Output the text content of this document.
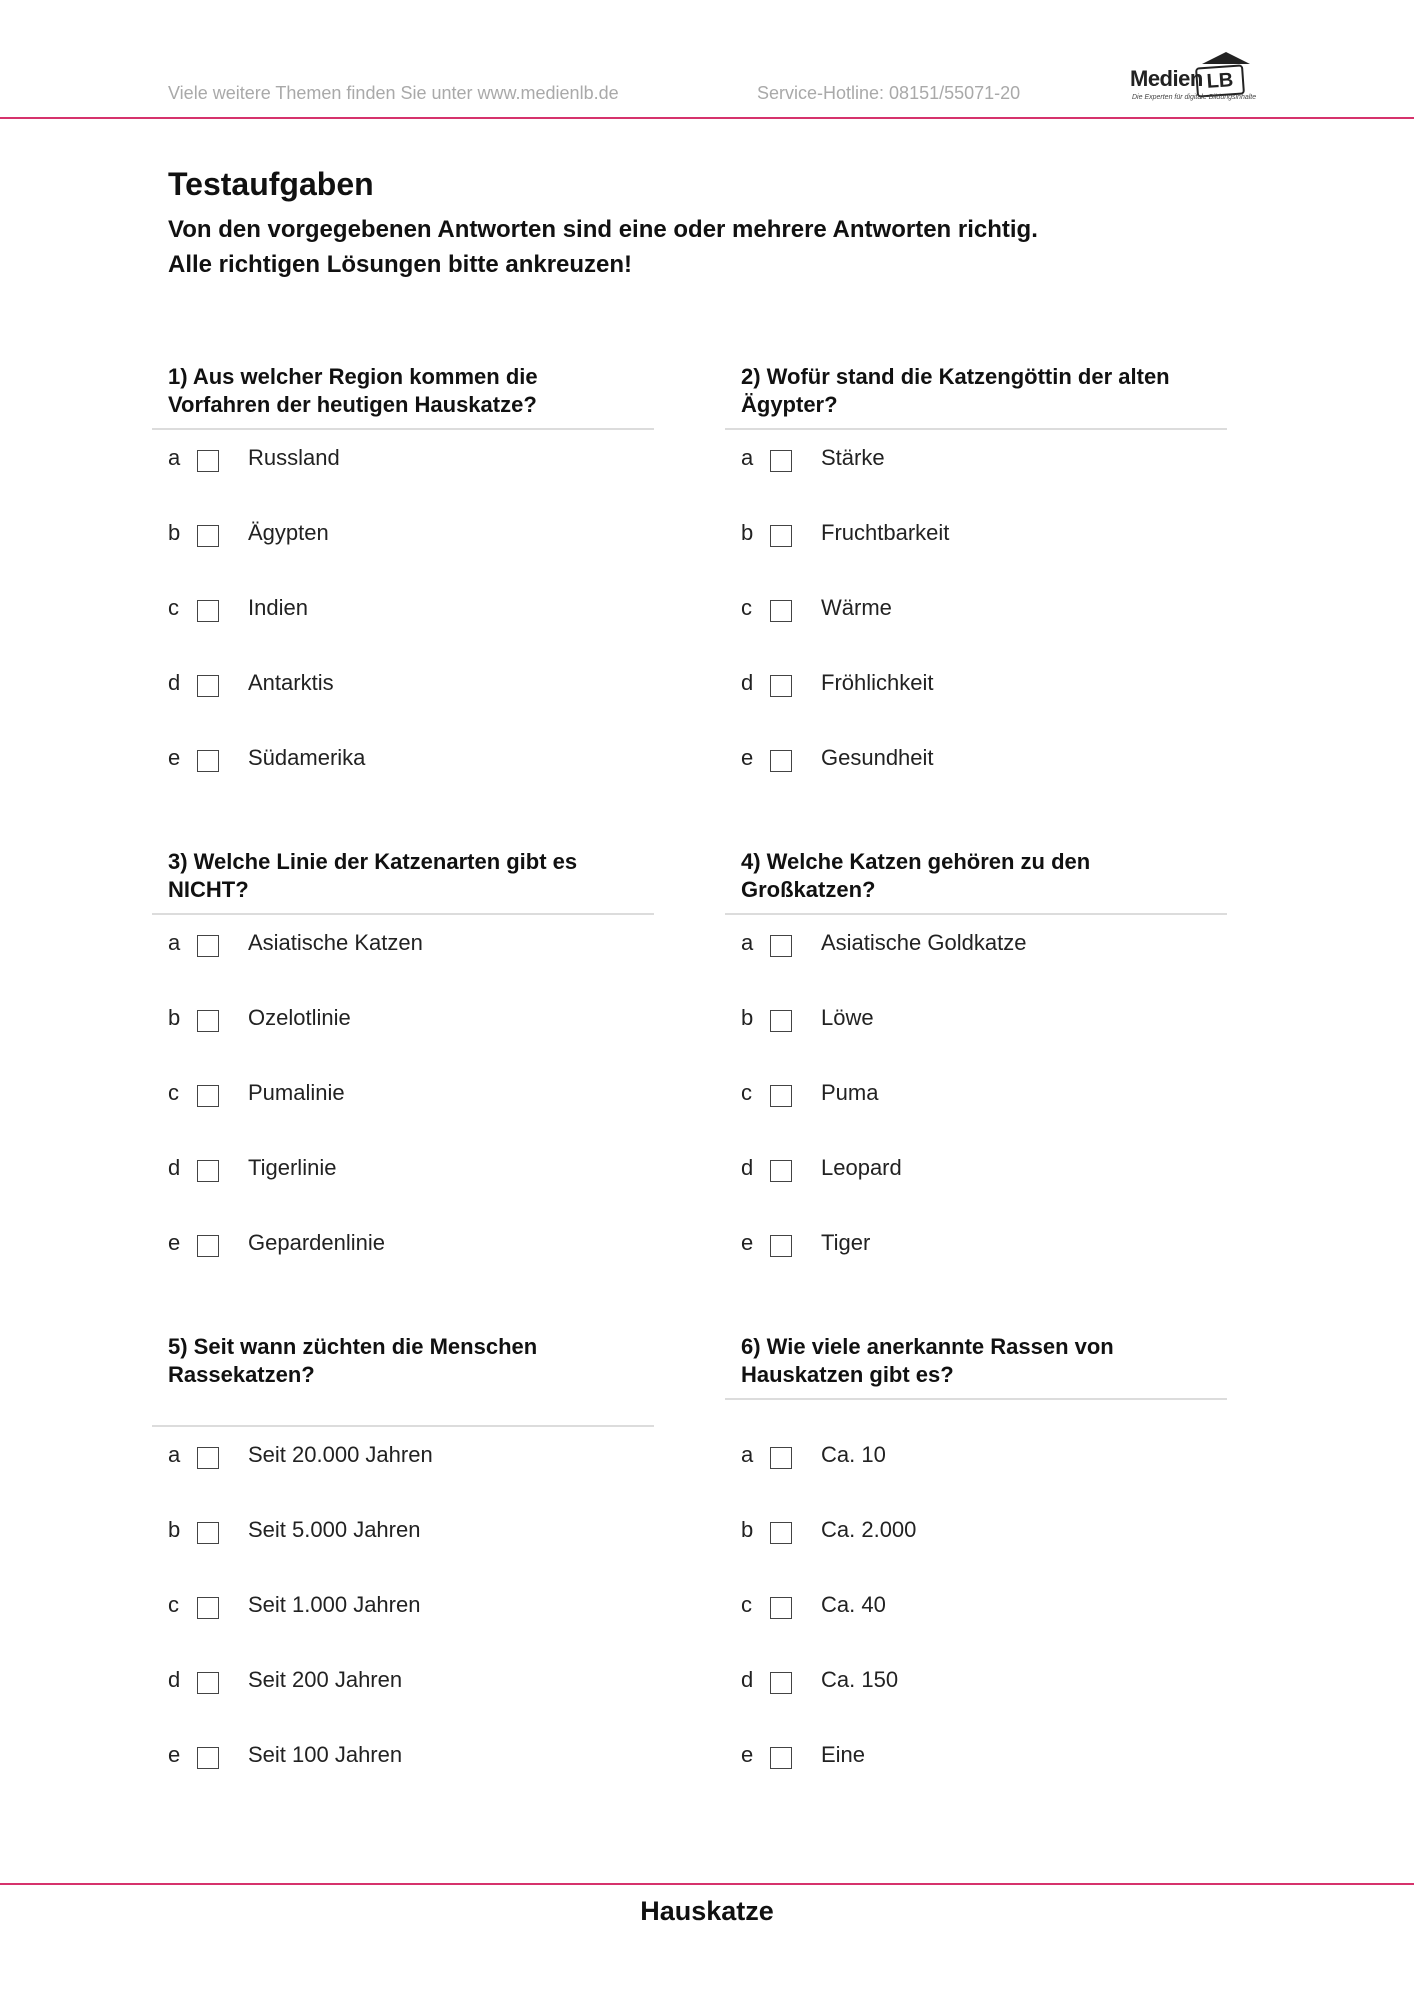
Viele weitere Themen finden Sie unter www.medienlb.de	Service-Hotline: 08151/55071-20
Medien LB
Die Experten für digitale Bildungsinhalte
Testaufgaben
Von den vorgegebenen Antworten sind eine oder mehrere Antworten richtig.
Alle richtigen Lösungen bitte ankreuzen!
1) Aus welcher Region kommen die
Vorfahren der heutigen Hauskatze?
a	Russland
b	Ägypten
c	Indien
d	Antarktis
e	Südamerika
2) Wofür stand die Katzengöttin der alten
Ägypter?
a	Stärke
b	Fruchtbarkeit
c	Wärme
d	Fröhlichkeit
e	Gesundheit
3) Welche Linie der Katzenarten gibt es
NICHT?
a	Asiatische Katzen
b	Ozelotlinie
c	Pumalinie
d	Tigerlinie
e	Gepardenlinie
4) Welche Katzen gehören zu den
Großkatzen?
a	Asiatische Goldkatze
b	Löwe
c	Puma
d	Leopard
e	Tiger
5) Seit wann züchten die Menschen
Rassekatzen?
a	Seit 20.000 Jahren
b	Seit 5.000 Jahren
c	Seit 1.000 Jahren
d	Seit 200 Jahren
e	Seit 100 Jahren
6) Wie viele anerkannte Rassen von
Hauskatzen gibt es?
a	Ca. 10
b	Ca. 2.000
c	Ca. 40
d	Ca. 150
e	Eine
Hauskatze
